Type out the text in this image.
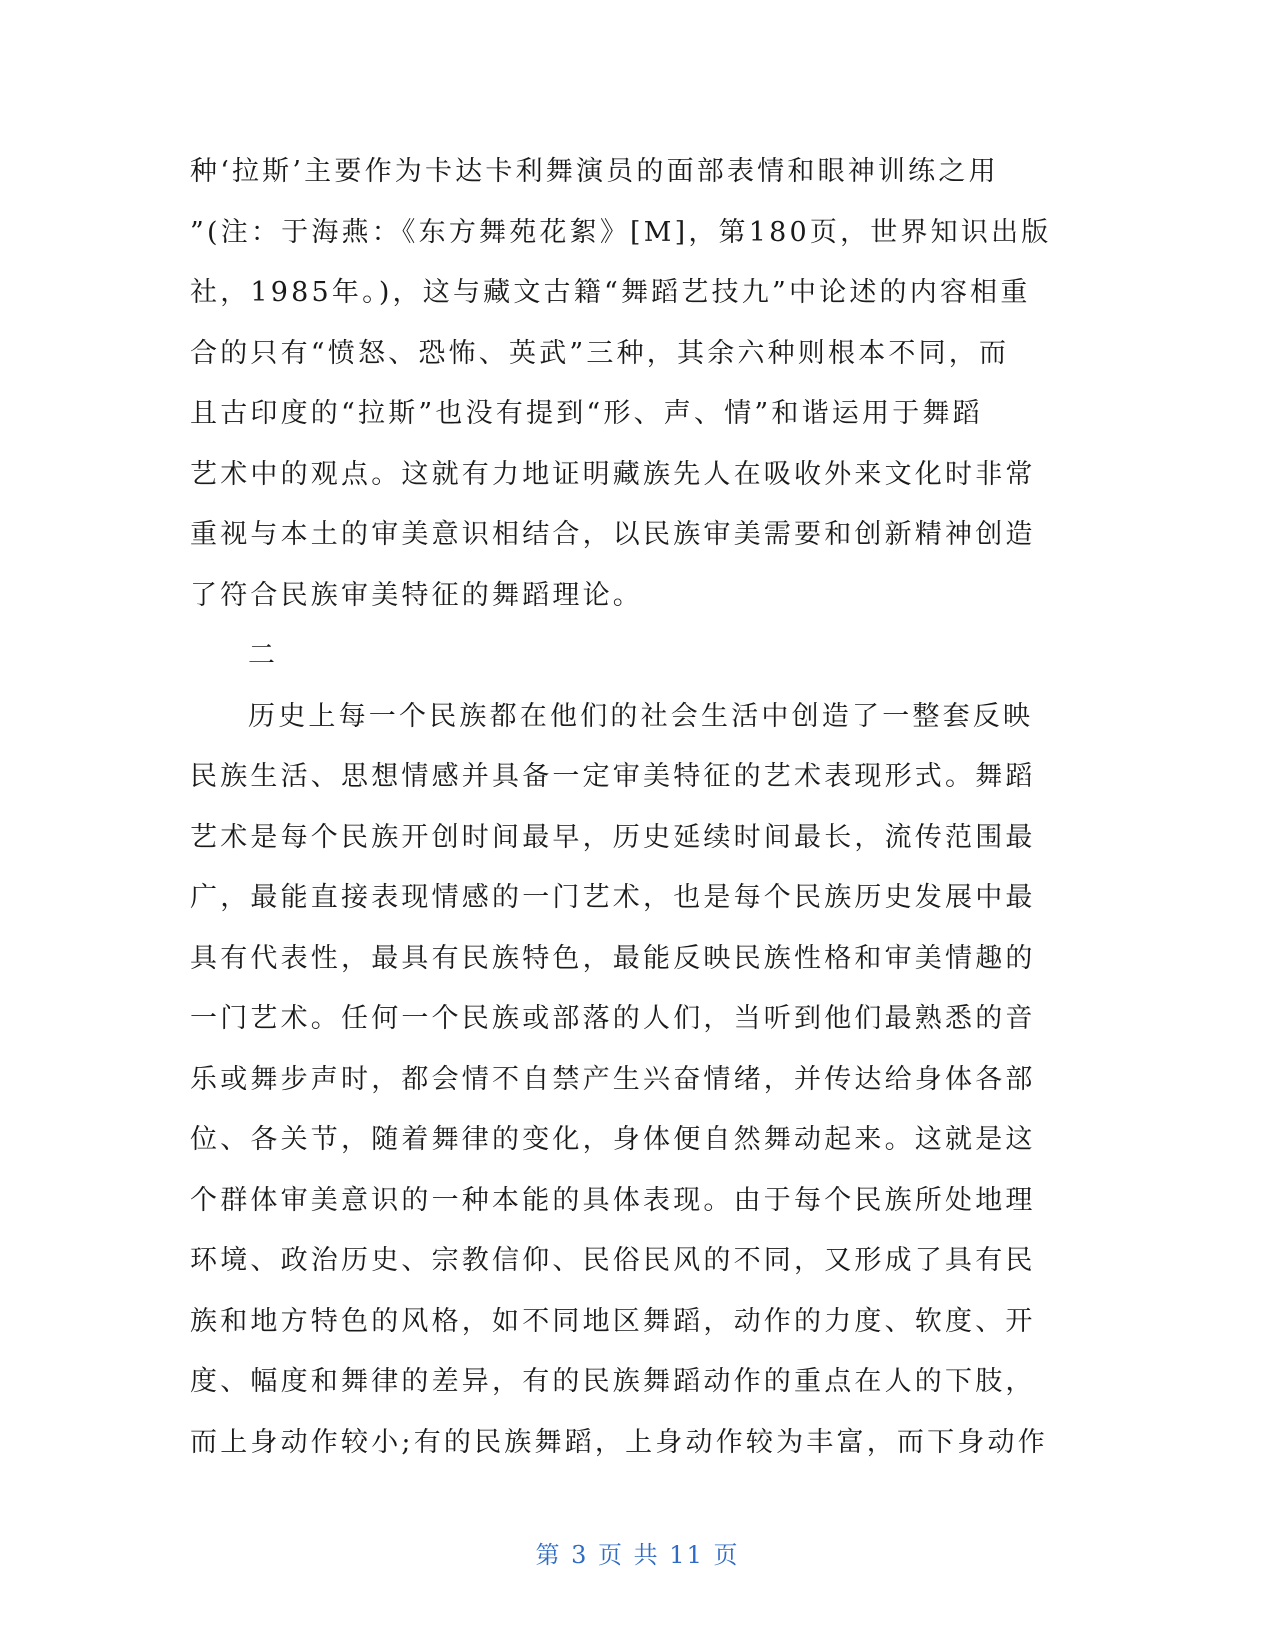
种‘拉斯’主要作为卡达卡利舞演员的面部表情和眼神训练之用
”(注：于海燕：《东方舞苑花絮》[M]，第180页，世界知识出版
社，1985年。)，这与藏文古籍“舞蹈艺技九”中论述的内容相重
合的只有“愤怒、恐怖、英武”三种，其余六种则根本不同，而
且古印度的“拉斯”也没有提到“形、声、情”和谐运用于舞蹈
艺术中的观点。这就有力地证明藏族先人在吸收外来文化时非常
重视与本土的审美意识相结合，以民族审美需要和创新精神创造
了符合民族审美特征的舞蹈理论。
二
历史上每一个民族都在他们的社会生活中创造了一整套反映
民族生活、思想情感并具备一定审美特征的艺术表现形式。舞蹈
艺术是每个民族开创时间最早，历史延续时间最长，流传范围最
广，最能直接表现情感的一门艺术，也是每个民族历史发展中最
具有代表性，最具有民族特色，最能反映民族性格和审美情趣的
一门艺术。任何一个民族或部落的人们，当听到他们最熟悉的音
乐或舞步声时，都会情不自禁产生兴奋情绪，并传达给身体各部
位、各关节，随着舞律的变化，身体便自然舞动起来。这就是这
个群体审美意识的一种本能的具体表现。由于每个民族所处地理
环境、政治历史、宗教信仰、民俗民风的不同，又形成了具有民
族和地方特色的风格，如不同地区舞蹈，动作的力度、软度、开
度、幅度和舞律的差异，有的民族舞蹈动作的重点在人的下肢，
而上身动作较小;有的民族舞蹈，上身动作较为丰富，而下身动作
第 3 页 共 11 页
